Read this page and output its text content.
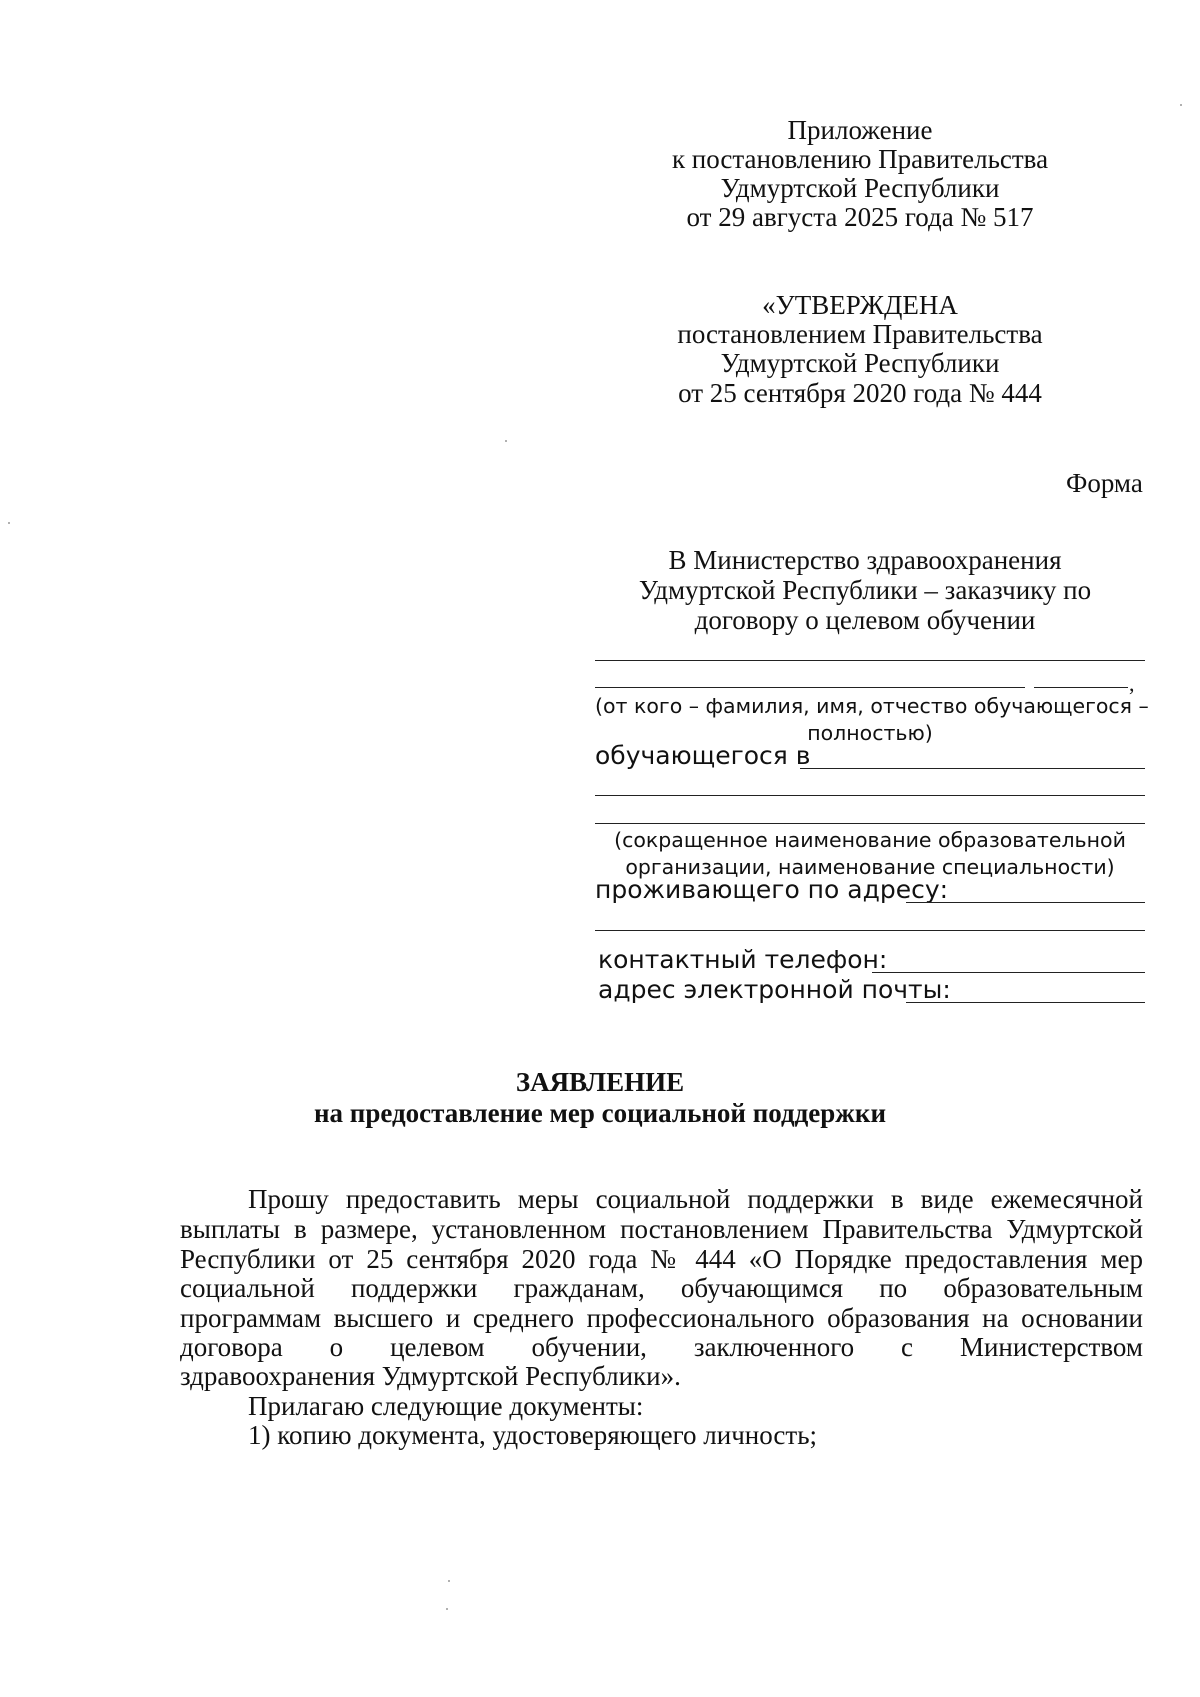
Приложение
к постановлению Правительства
Удмуртской Республики
от 29 августа 2025 года № 517
«УТВЕРЖДЕНА
постановлением Правительства
Удмуртской Республики
от 25 сентября 2020 года № 444
Форма
В Министерство здравоохранения
Удмуртской Республики – заказчику по
договору о целевом обучении
,
(от кого – фамилия, имя, отчество обучающегося –
полностью)
обучающегося в
(сокращенное наименование образовательной
организации, наименование специальности)
проживающего по адресу:
контактный телефон:
адрес электронной почты:
ЗАЯВЛЕНИЕ
на предоставление мер социальной поддержки
Прошу предоставить меры социальной поддержки в виде ежемесячной
выплаты в размере, установленном постановлением Правительства Удмуртской
Республики от 25 сентября 2020 года № 444 «О Порядке предоставления мер
социальной поддержки гражданам, обучающимся по образовательным
программам высшего и среднего профессионального образования на основании
договора о целевом обучении, заключенного с Министерством
здравоохранения Удмуртской Республики».
Прилагаю следующие документы:
1) копию документа, удостоверяющего личность;
